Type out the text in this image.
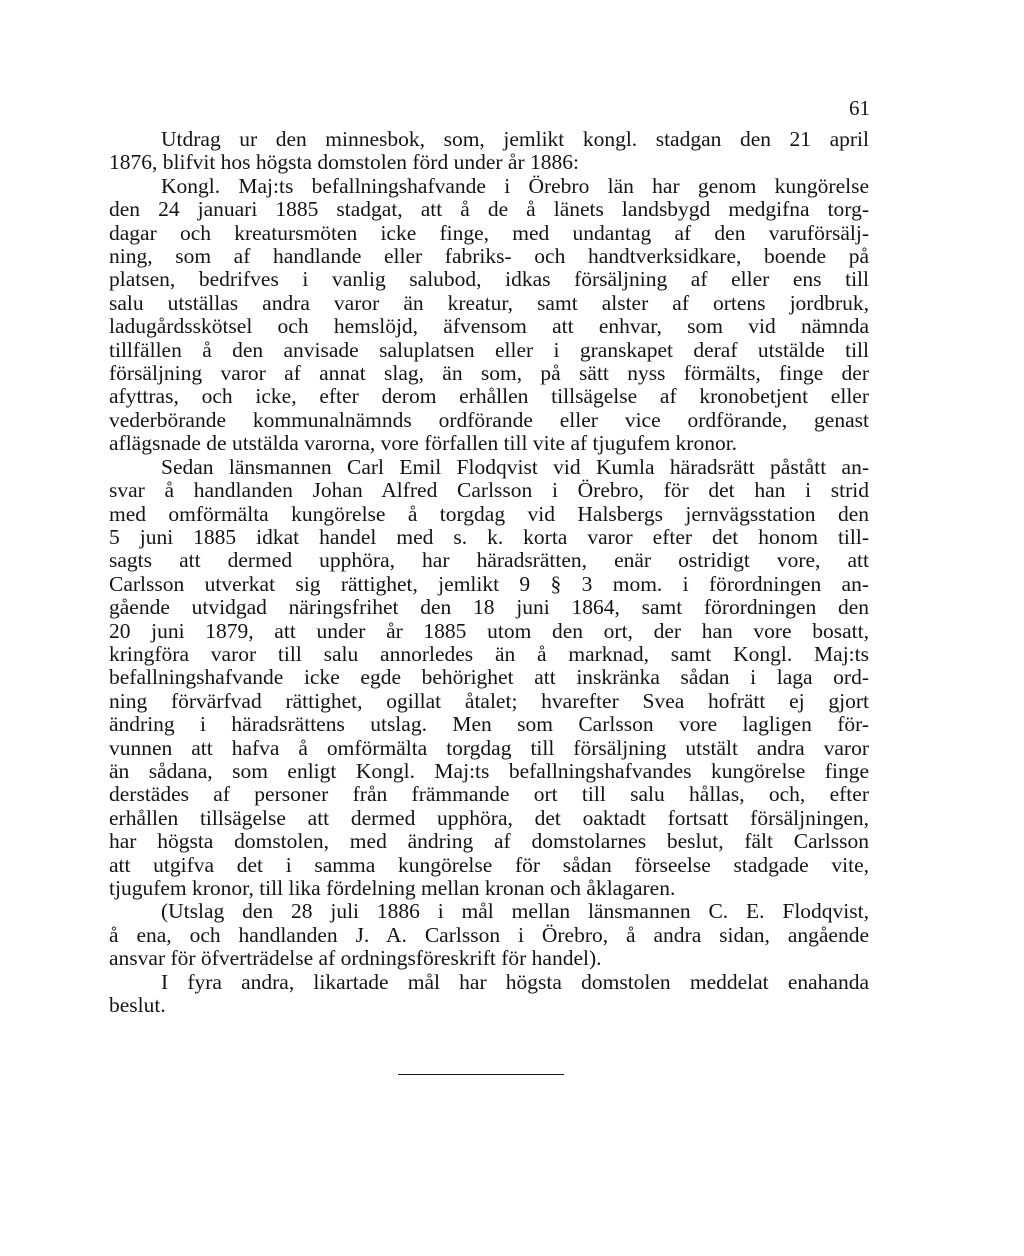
61
Utdrag ur den minnesbok, som, jemlikt kongl. stadgan den 21 april
1876, blifvit hos högsta domstolen förd under år 1886:
Kongl. Maj:ts befallningshafvande i Örebro län har genom kungörelse
den 24 januari 1885 stadgat, att å de å länets landsbygd medgifna torg-
dagar och kreatursmöten icke finge, med undantag af den varuförsälj-
ning, som af handlande eller fabriks- och handtverksidkare, boende på
platsen, bedrifves i vanlig salubod, idkas försäljning af eller ens till
salu utställas andra varor än kreatur, samt alster af ortens jordbruk,
ladugårdsskötsel och hemslöjd, äfvensom att enhvar, som vid nämnda
tillfällen å den anvisade saluplatsen eller i granskapet deraf utstälde till
försäljning varor af annat slag, än som, på sätt nyss förmälts, finge der
afyttras, och icke, efter derom erhållen tillsägelse af kronobetjent eller
vederbörande kommunalnämnds ordförande eller vice ordförande, genast
aflägsnade de utstälda varorna, vore förfallen till vite af tjugufem kronor.
Sedan länsmannen Carl Emil Flodqvist vid Kumla häradsrätt påstått an-
svar å handlanden Johan Alfred Carlsson i Örebro, för det han i strid
med omförmälta kungörelse å torgdag vid Halsbergs jernvägsstation den
5 juni 1885 idkat handel med s. k. korta varor efter det honom till-
sagts att dermed upphöra, har häradsrätten, enär ostridigt vore, att
Carlsson utverkat sig rättighet, jemlikt 9 § 3 mom. i förordningen an-
gående utvidgad näringsfrihet den 18 juni 1864, samt förordningen den
20 juni 1879, att under år 1885 utom den ort, der han vore bosatt,
kringföra varor till salu annorledes än å marknad, samt Kongl. Maj:ts
befallningshafvande icke egde behörighet att inskränka sådan i laga ord-
ning förvärfvad rättighet, ogillat åtalet; hvarefter Svea hofrätt ej gjort
ändring i häradsrättens utslag. Men som Carlsson vore lagligen för-
vunnen att hafva å omförmälta torgdag till försäljning utstält andra varor
än sådana, som enligt Kongl. Maj:ts befallningshafvandes kungörelse finge
derstädes af personer från främmande ort till salu hållas, och, efter
erhållen tillsägelse att dermed upphöra, det oaktadt fortsatt försäljningen,
har högsta domstolen, med ändring af domstolarnes beslut, fält Carlsson
att utgifva det i samma kungörelse för sådan förseelse stadgade vite,
tjugufem kronor, till lika fördelning mellan kronan och åklagaren.
(Utslag den 28 juli 1886 i mål mellan länsmannen C. E. Flodqvist,
å ena, och handlanden J. A. Carlsson i Örebro, å andra sidan, angående
ansvar för öfverträdelse af ordningsföreskrift för handel).
I fyra andra, likartade mål har högsta domstolen meddelat enahanda
beslut.
